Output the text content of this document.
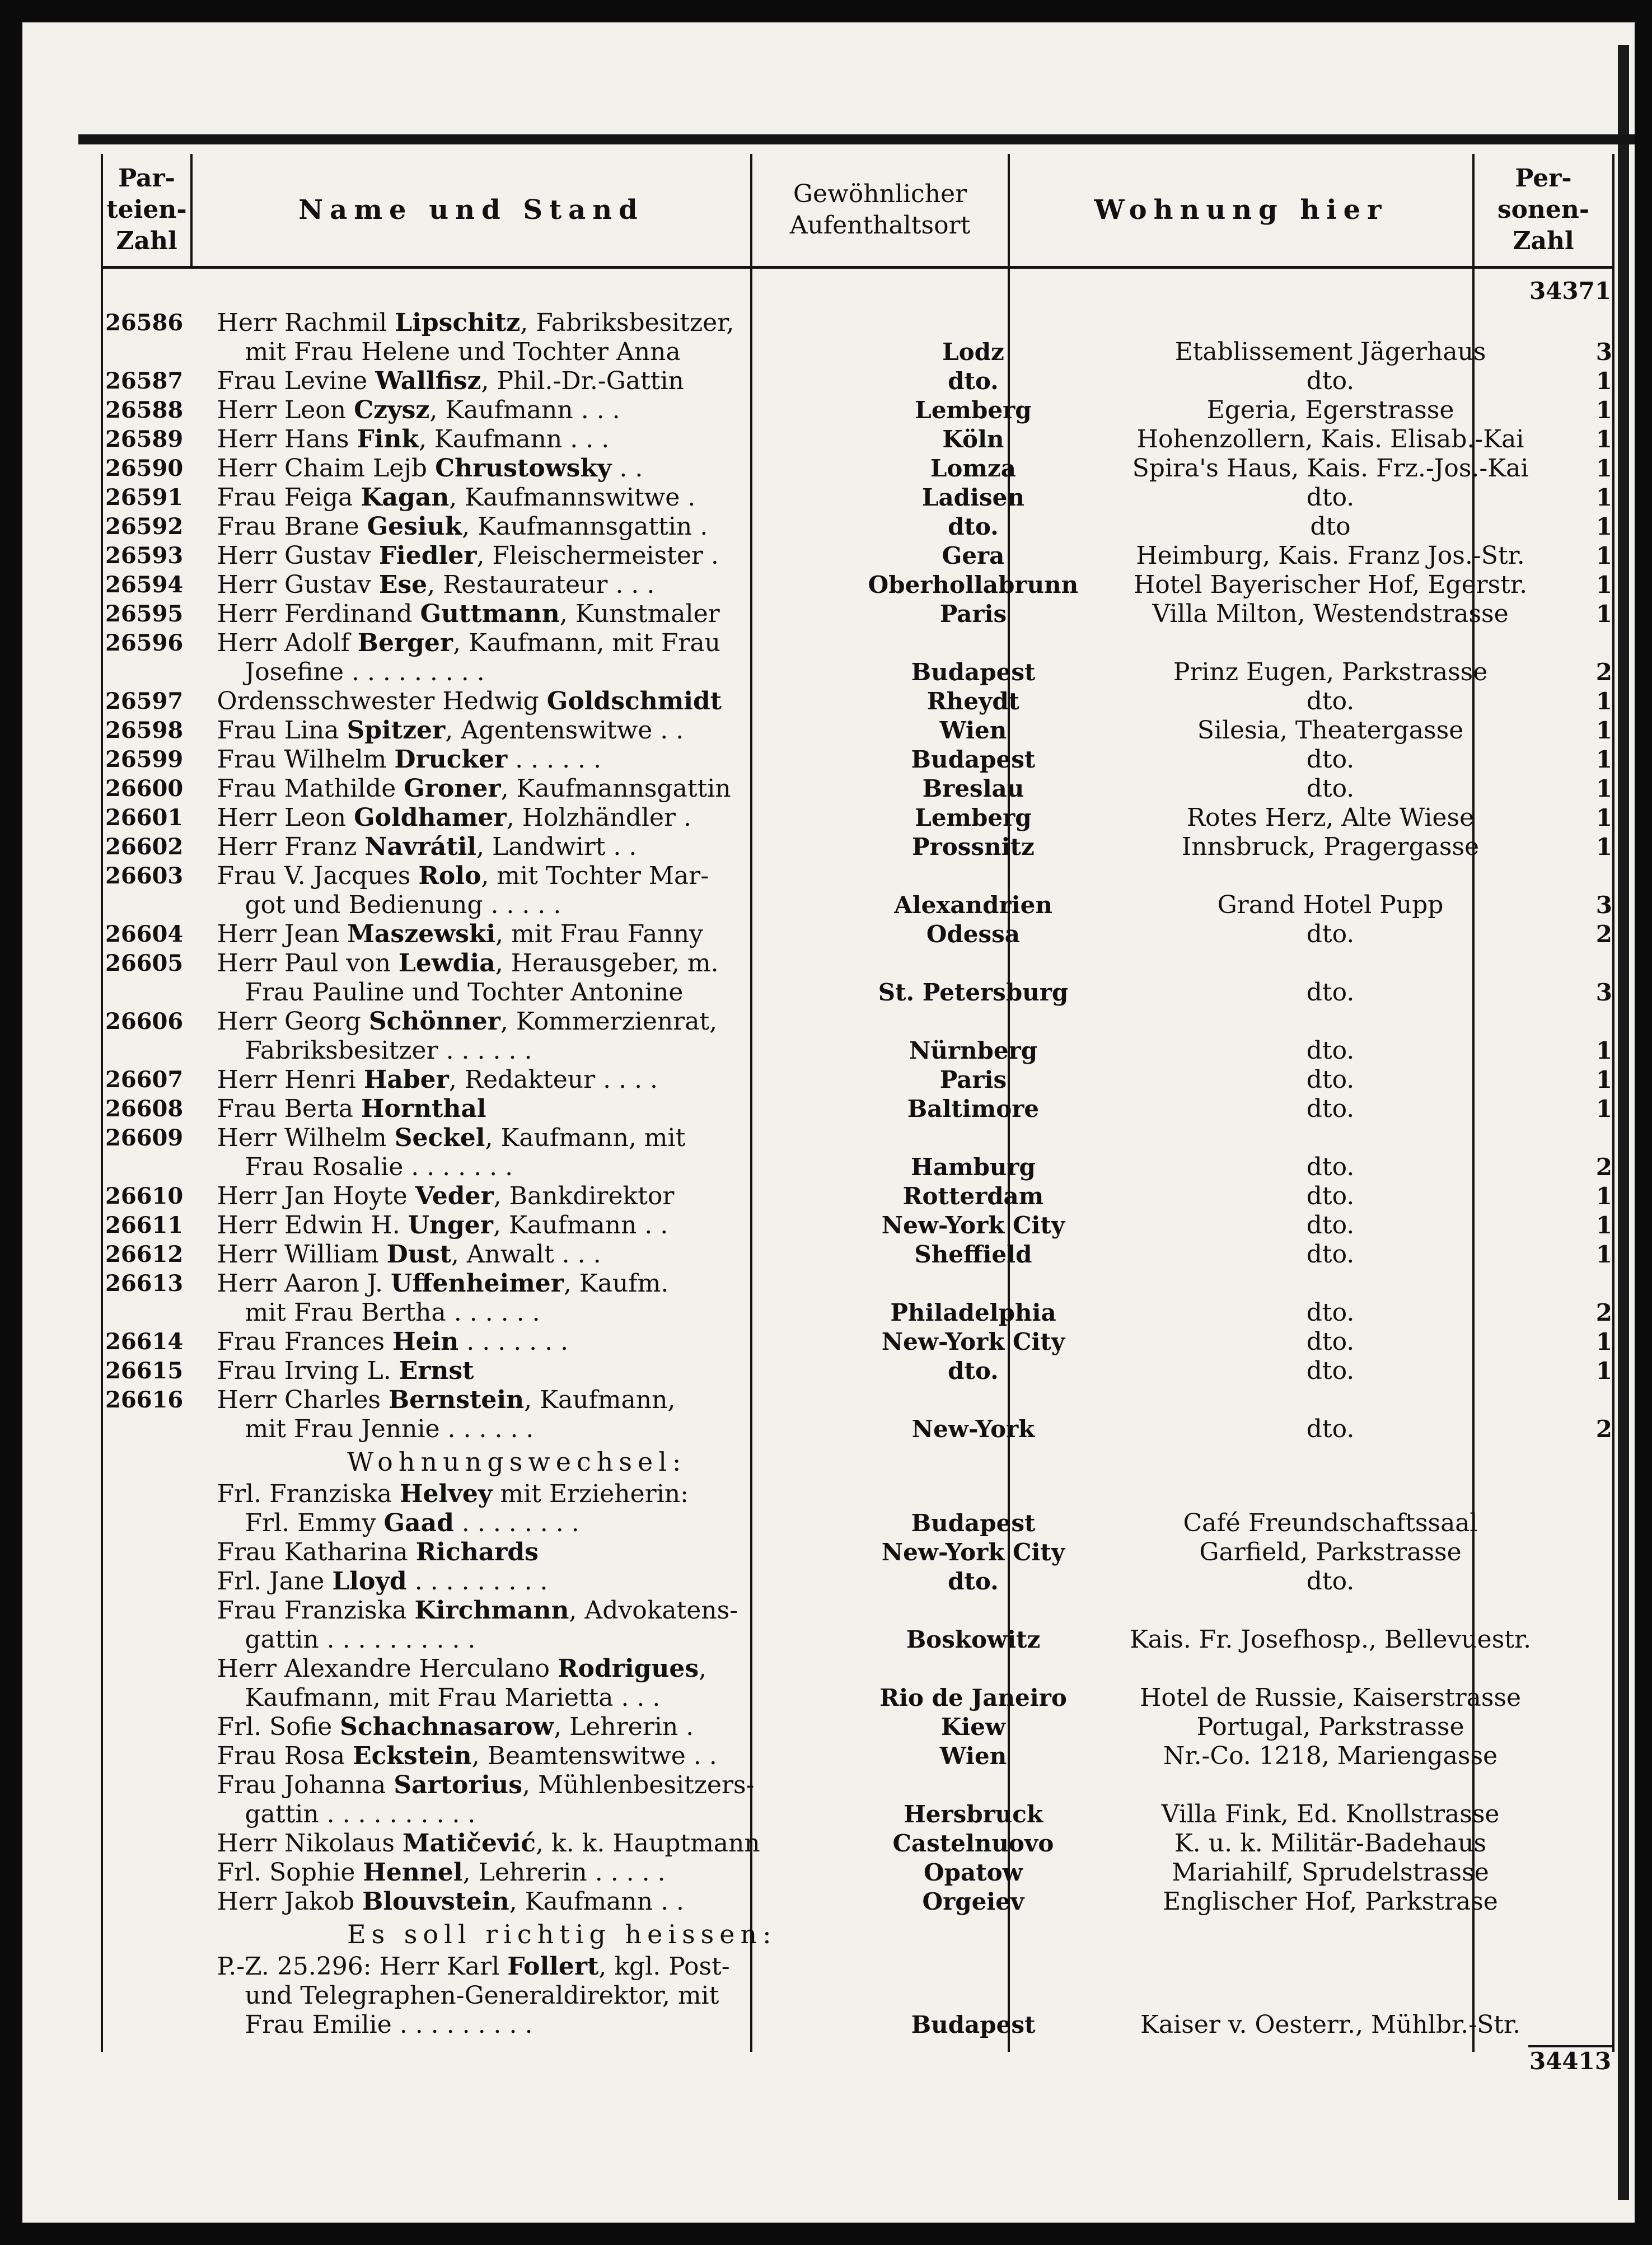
Par-teien-Zahl
Name und Stand
Gewöhnlicher Aufenthaltsort	Wohnung hier
Per-sonen-Zahl
34371
26586	Herr Rachmil Lipschitz, Fabriksbesitzer,
mit Frau Helene und Tochter Anna	Lodz	Etablissement Jägerhaus	3
26587	Frau Levine Wallfisz, Phil.-Dr.-Gattin	dto.	dto.	1
26588	Herr Leon Czysz, Kaufmann . . .	Lemberg	Egeria, Egerstrasse	1
26589	Herr Hans Fink, Kaufmann . . .	Köln	Hohenzollern, Kais. Elisab.-Kai	1
26590	Herr Chaim Lejb Chrustowsky . .	Lomza	Spira's Haus, Kais. Frz.-Jos.-Kai	1
26591	Frau Feiga Kagan, Kaufmannswitwe .	Ladisen	dto.	1
26592	Frau Brane Gesiuk, Kaufmannsgattin .	dto.	dto	1
26593	Herr Gustav Fiedler, Fleischermeister .	Gera	Heimburg, Kais. Franz Jos.-Str.	1
26594	Herr Gustav Ese, Restaurateur . . .	Oberhollabrunn	Hotel Bayerischer Hof, Egerstr.	1
26595	Herr Ferdinand Guttmann, Kunstmaler	Paris	Villa Milton, Westendstrasse	1
26596	Herr Adolf Berger, Kaufmann, mit Frau
Josefine . . . . . . . . .	Budapest	Prinz Eugen, Parkstrasse	2
26597	Ordensschwester Hedwig Goldschmidt	Rheydt	dto.	1
26598	Frau Lina Spitzer, Agentenswitwe . .	Wien	Silesia, Theatergasse	1
26599	Frau Wilhelm Drucker . . . . . .	Budapest	dto.	1
26600	Frau Mathilde Groner, Kaufmannsgattin	Breslau	dto.	1
26601	Herr Leon Goldhamer, Holzhändler .	Lemberg	Rotes Herz, Alte Wiese	1
26602	Herr Franz Navrátil, Landwirt . .	Prossnitz	Innsbruck, Pragergasse	1
26603	Frau V. Jacques Rolo, mit Tochter Mar-
got und Bedienung . . . . .	Alexandrien	Grand Hotel Pupp	3
26604	Herr Jean Maszewski, mit Frau Fanny	Odessa	dto.	2
26605	Herr Paul von Lewdia, Herausgeber, m.
Frau Pauline und Tochter Antonine	St. Petersburg	dto.	3
26606	Herr Georg Schönner, Kommerzienrat,
Fabriksbesitzer . . . . . .	Nürnberg	dto.	1
26607	Herr Henri Haber, Redakteur . . . .	Paris	dto.	1
26608	Frau Berta Hornthal	Baltimore	dto.	1
26609	Herr Wilhelm Seckel, Kaufmann, mit
Frau Rosalie . . . . . . .	Hamburg	dto.	2
26610	Herr Jan Hoyte Veder, Bankdirektor	Rotterdam	dto.	1
26611	Herr Edwin H. Unger, Kaufmann . .	New-York City	dto.	1
26612	Herr William Dust, Anwalt . . .	Sheffield	dto.	1
26613	Herr Aaron J. Uffenheimer, Kaufm.
mit Frau Bertha . . . . . .	Philadelphia	dto.	2
26614	Frau Frances Hein . . . . . . .	New-York City	dto.	1
26615	Frau Irving L. Ernst	dto.	dto.	1
26616	Herr Charles Bernstein, Kaufmann,
mit Frau Jennie . . . . . .	New-York	dto.	2
Wohnungswechsel:
Frl. Franziska Helvey mit Erzieherin:
Frl. Emmy Gaad . . . . . . . .	Budapest	Café Freundschaftssaal
Frau Katharina Richards	New-York City	Garfield, Parkstrasse
Frl. Jane Lloyd . . . . . . . . .	dto.	dto.
Frau Franziska Kirchmann, Advokatens-
gattin . . . . . . . . . .	Boskowitz	Kais. Fr. Josefhosp., Bellevuestr.
Herr Alexandre Herculano Rodrigues,
Kaufmann, mit Frau Marietta . . .	Rio de Janeiro	Hotel de Russie, Kaiserstrasse
Frl. Sofie Schachnasarow, Lehrerin .	Kiew	Portugal, Parkstrasse
Frau Rosa Eckstein, Beamtenswitwe . .	Wien	Nr.-Co. 1218, Mariengasse
Frau Johanna Sartorius, Mühlenbesitzers-
gattin . . . . . . . . . .	Hersbruck	Villa Fink, Ed. Knollstrasse
Herr Nikolaus Matičević, k. k. Hauptmann	Castelnuovo	K. u. k. Militär-Badehaus
Frl. Sophie Hennel, Lehrerin . . . . .	Opatow	Mariahilf, Sprudelstrasse
Herr Jakob Blouvstein, Kaufmann . .	Orgeiev	Englischer Hof, Parkstrase
Es soll richtig heissen:
P.-Z. 25.296: Herr Karl Follert, kgl. Post-
und Telegraphen-Generaldirektor, mit
Frau Emilie . . . . . . . . .	Budapest	Kaiser v. Oesterr., Mühlbr.-Str.
34413
